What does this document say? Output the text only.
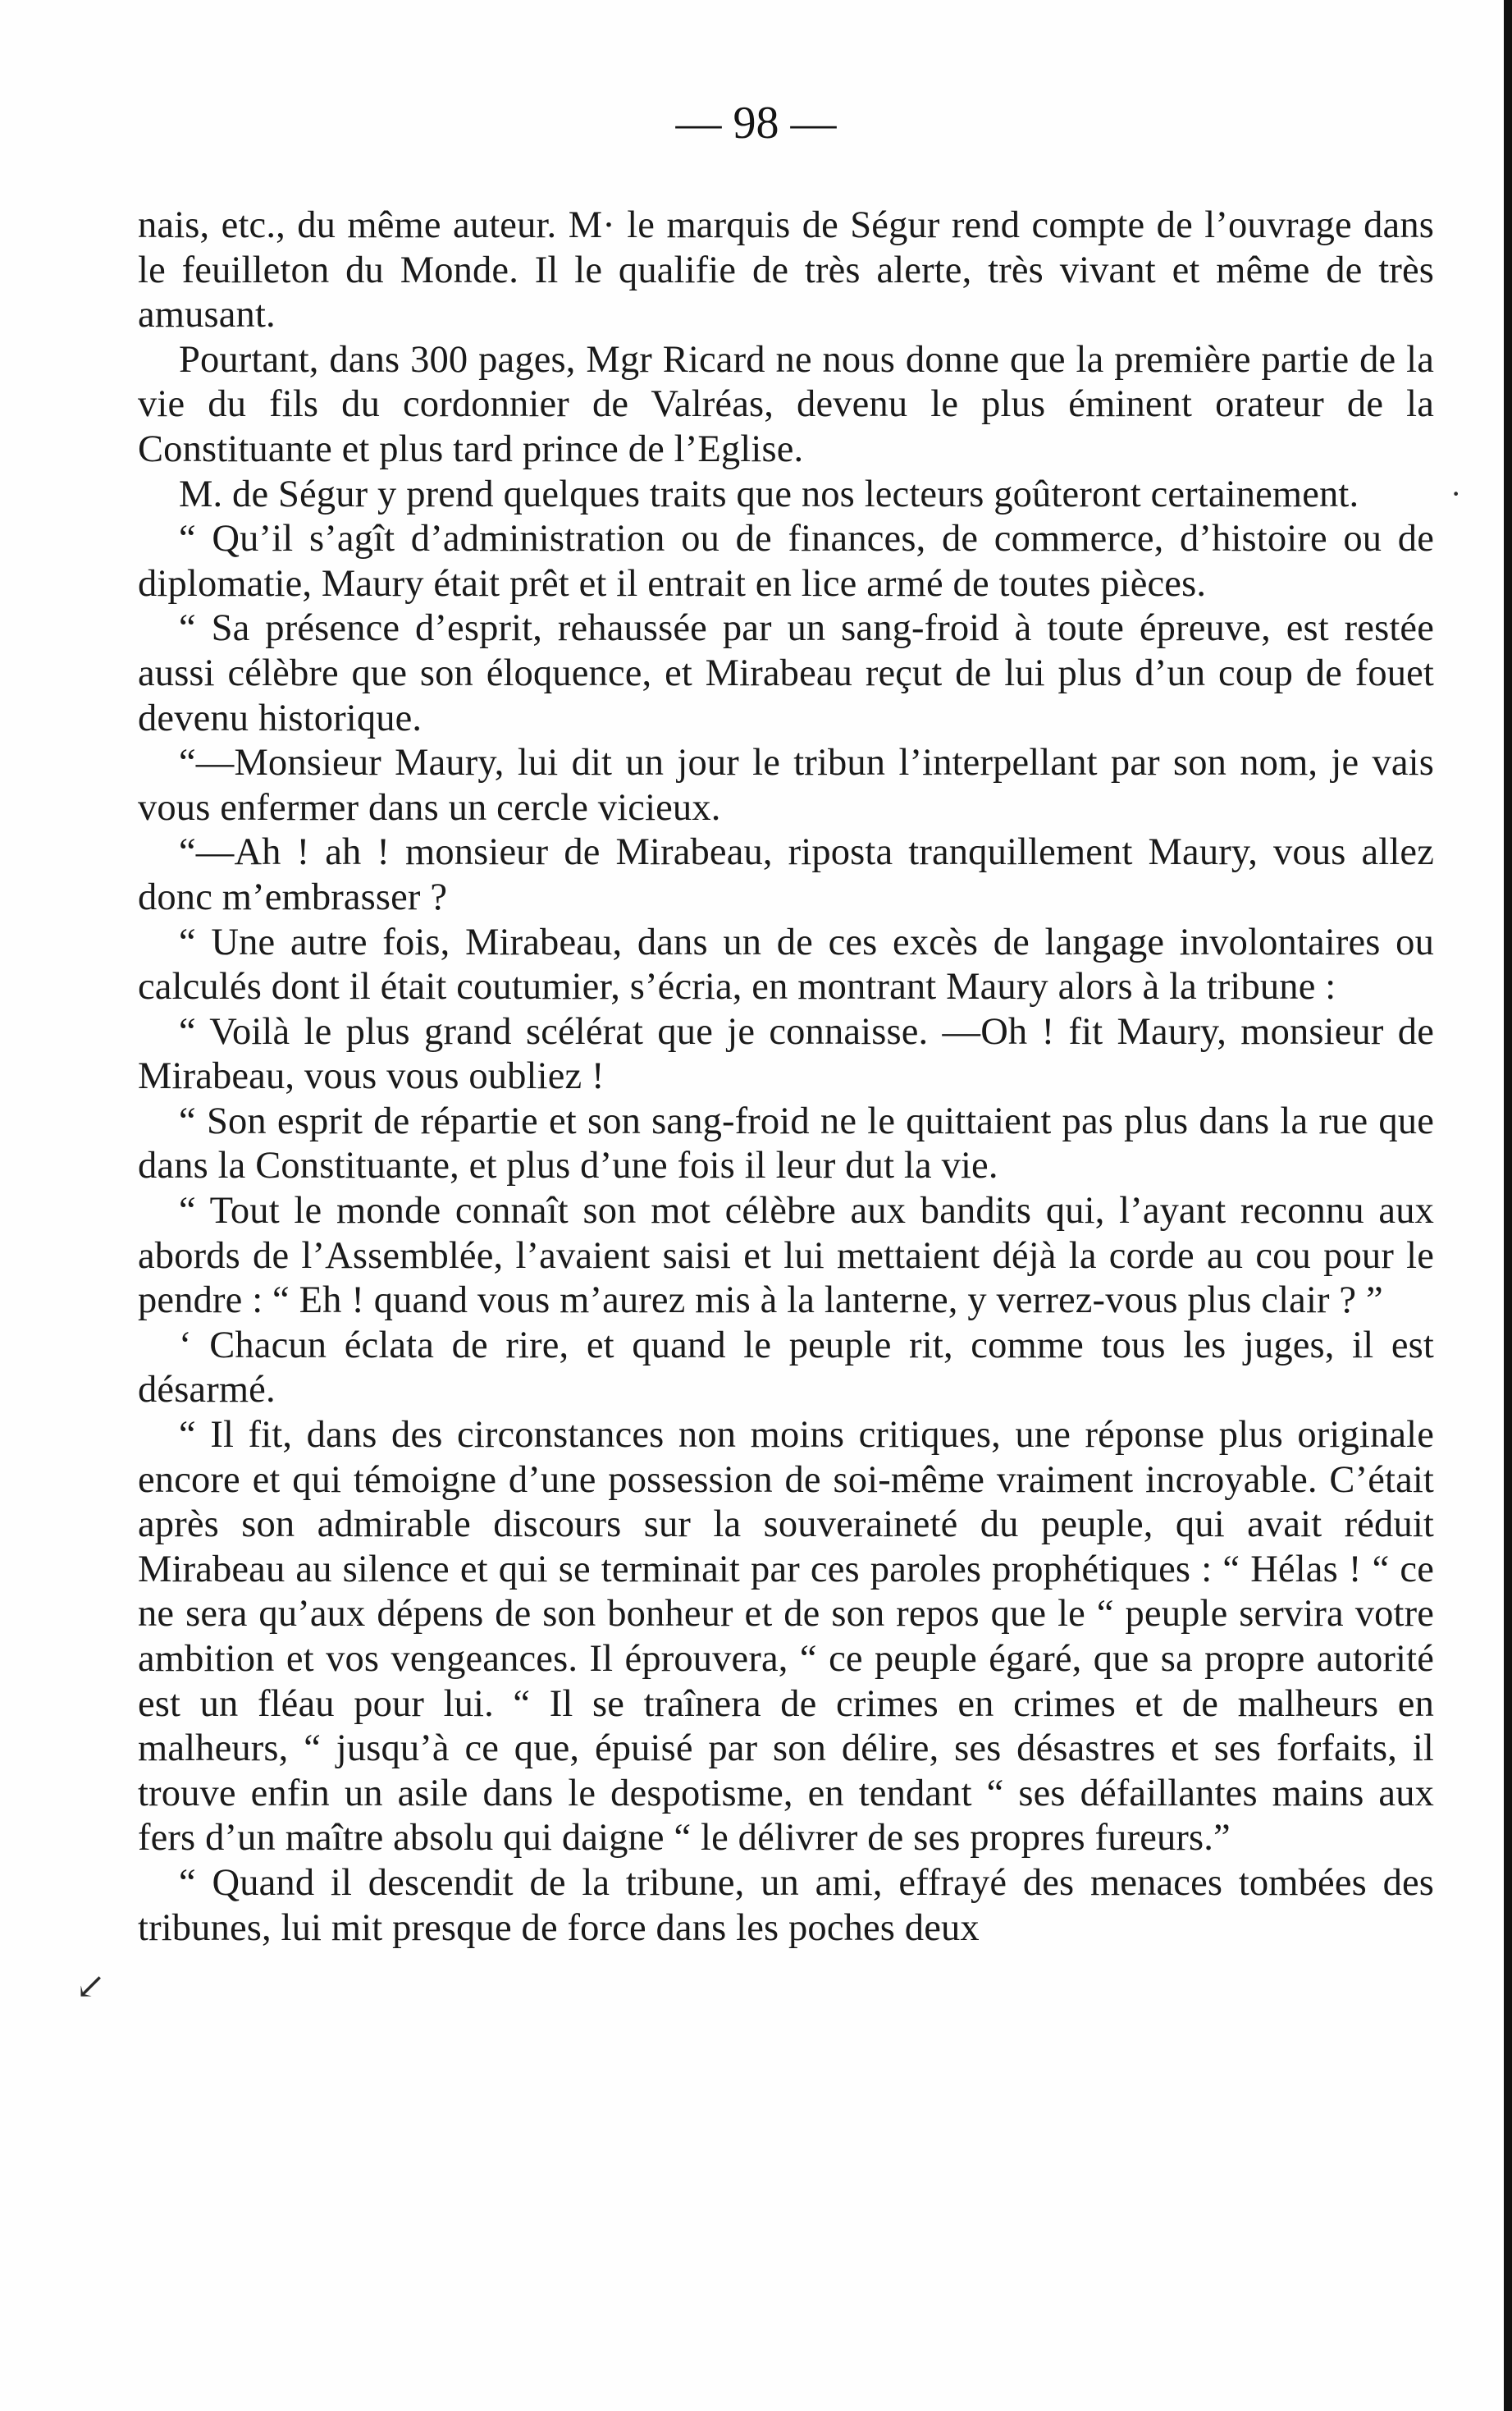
— 98 —

nais, etc., du même auteur. M· le marquis de Ségur rend compte de l’ouvrage dans le feuilleton du Monde. Il le qualifie de très alerte, très vivant et même de très amusant.

Pourtant, dans 300 pages, Mgr Ricard ne nous donne que la première partie de la vie du fils du cordonnier de Valréas, devenu le plus éminent orateur de la Constituante et plus tard prince de l’Eglise.

M. de Ségur y prend quelques traits que nos lecteurs goûteront certainement.

“ Qu’il s’agît d’administration ou de finances, de commerce, d’histoire ou de diplomatie, Maury était prêt et il entrait en lice armé de toutes pièces.

“ Sa présence d’esprit, rehaussée par un sang-froid à toute épreuve, est restée aussi célèbre que son éloquence, et Mirabeau reçut de lui plus d’un coup de fouet devenu historique.

“—Monsieur Maury, lui dit un jour le tribun l’interpellant par son nom, je vais vous enfermer dans un cercle vicieux.

“—Ah ! ah ! monsieur de Mirabeau, riposta tranquillement Maury, vous allez donc m’embrasser ?

“ Une autre fois, Mirabeau, dans un de ces excès de langage involontaires ou calculés dont il était coutumier, s’écria, en montrant Maury alors à la tribune :

“ Voilà le plus grand scélérat que je connaisse. —Oh ! fit Maury, monsieur de Mirabeau, vous vous oubliez !

“ Son esprit de répartie et son sang-froid ne le quittaient pas plus dans la rue que dans la Constituante, et plus d’une fois il leur dut la vie.

“ Tout le monde connaît son mot célèbre aux bandits qui, l’ayant reconnu aux abords de l’Assemblée, l’avaient saisi et lui mettaient déjà la corde au cou pour le pendre : “ Eh ! quand vous m’aurez mis à la lanterne, y verrez-vous plus clair ? ”

‘ Chacun éclata de rire, et quand le peuple rit, comme tous les juges, il est désarmé.

“ Il fit, dans des circonstances non moins critiques, une réponse plus originale encore et qui témoigne d’une possession de soi-même vraiment incroyable. C’était après son admirable discours sur la souveraineté du peuple, qui avait réduit Mirabeau au silence et qui se terminait par ces paroles prophétiques : “ Hélas ! “ ce ne sera qu’aux dépens de son bonheur et de son repos que le “ peuple servira votre ambition et vos vengeances. Il éprouvera, “ ce peuple égaré, que sa propre autorité est un fléau pour lui. “ Il se traînera de crimes en crimes et de malheurs en malheurs, “ jusqu’à ce que, épuisé par son délire, ses désastres et ses forfaits, il trouve enfin un asile dans le despotisme, en tendant “ ses défaillantes mains aux fers d’un maître absolu qui daigne “ le délivrer de ses propres fureurs.”

“ Quand il descendit de la tribune, un ami, effrayé des menaces tombées des tribunes, lui mit presque de force dans les poches deux

·
↙
